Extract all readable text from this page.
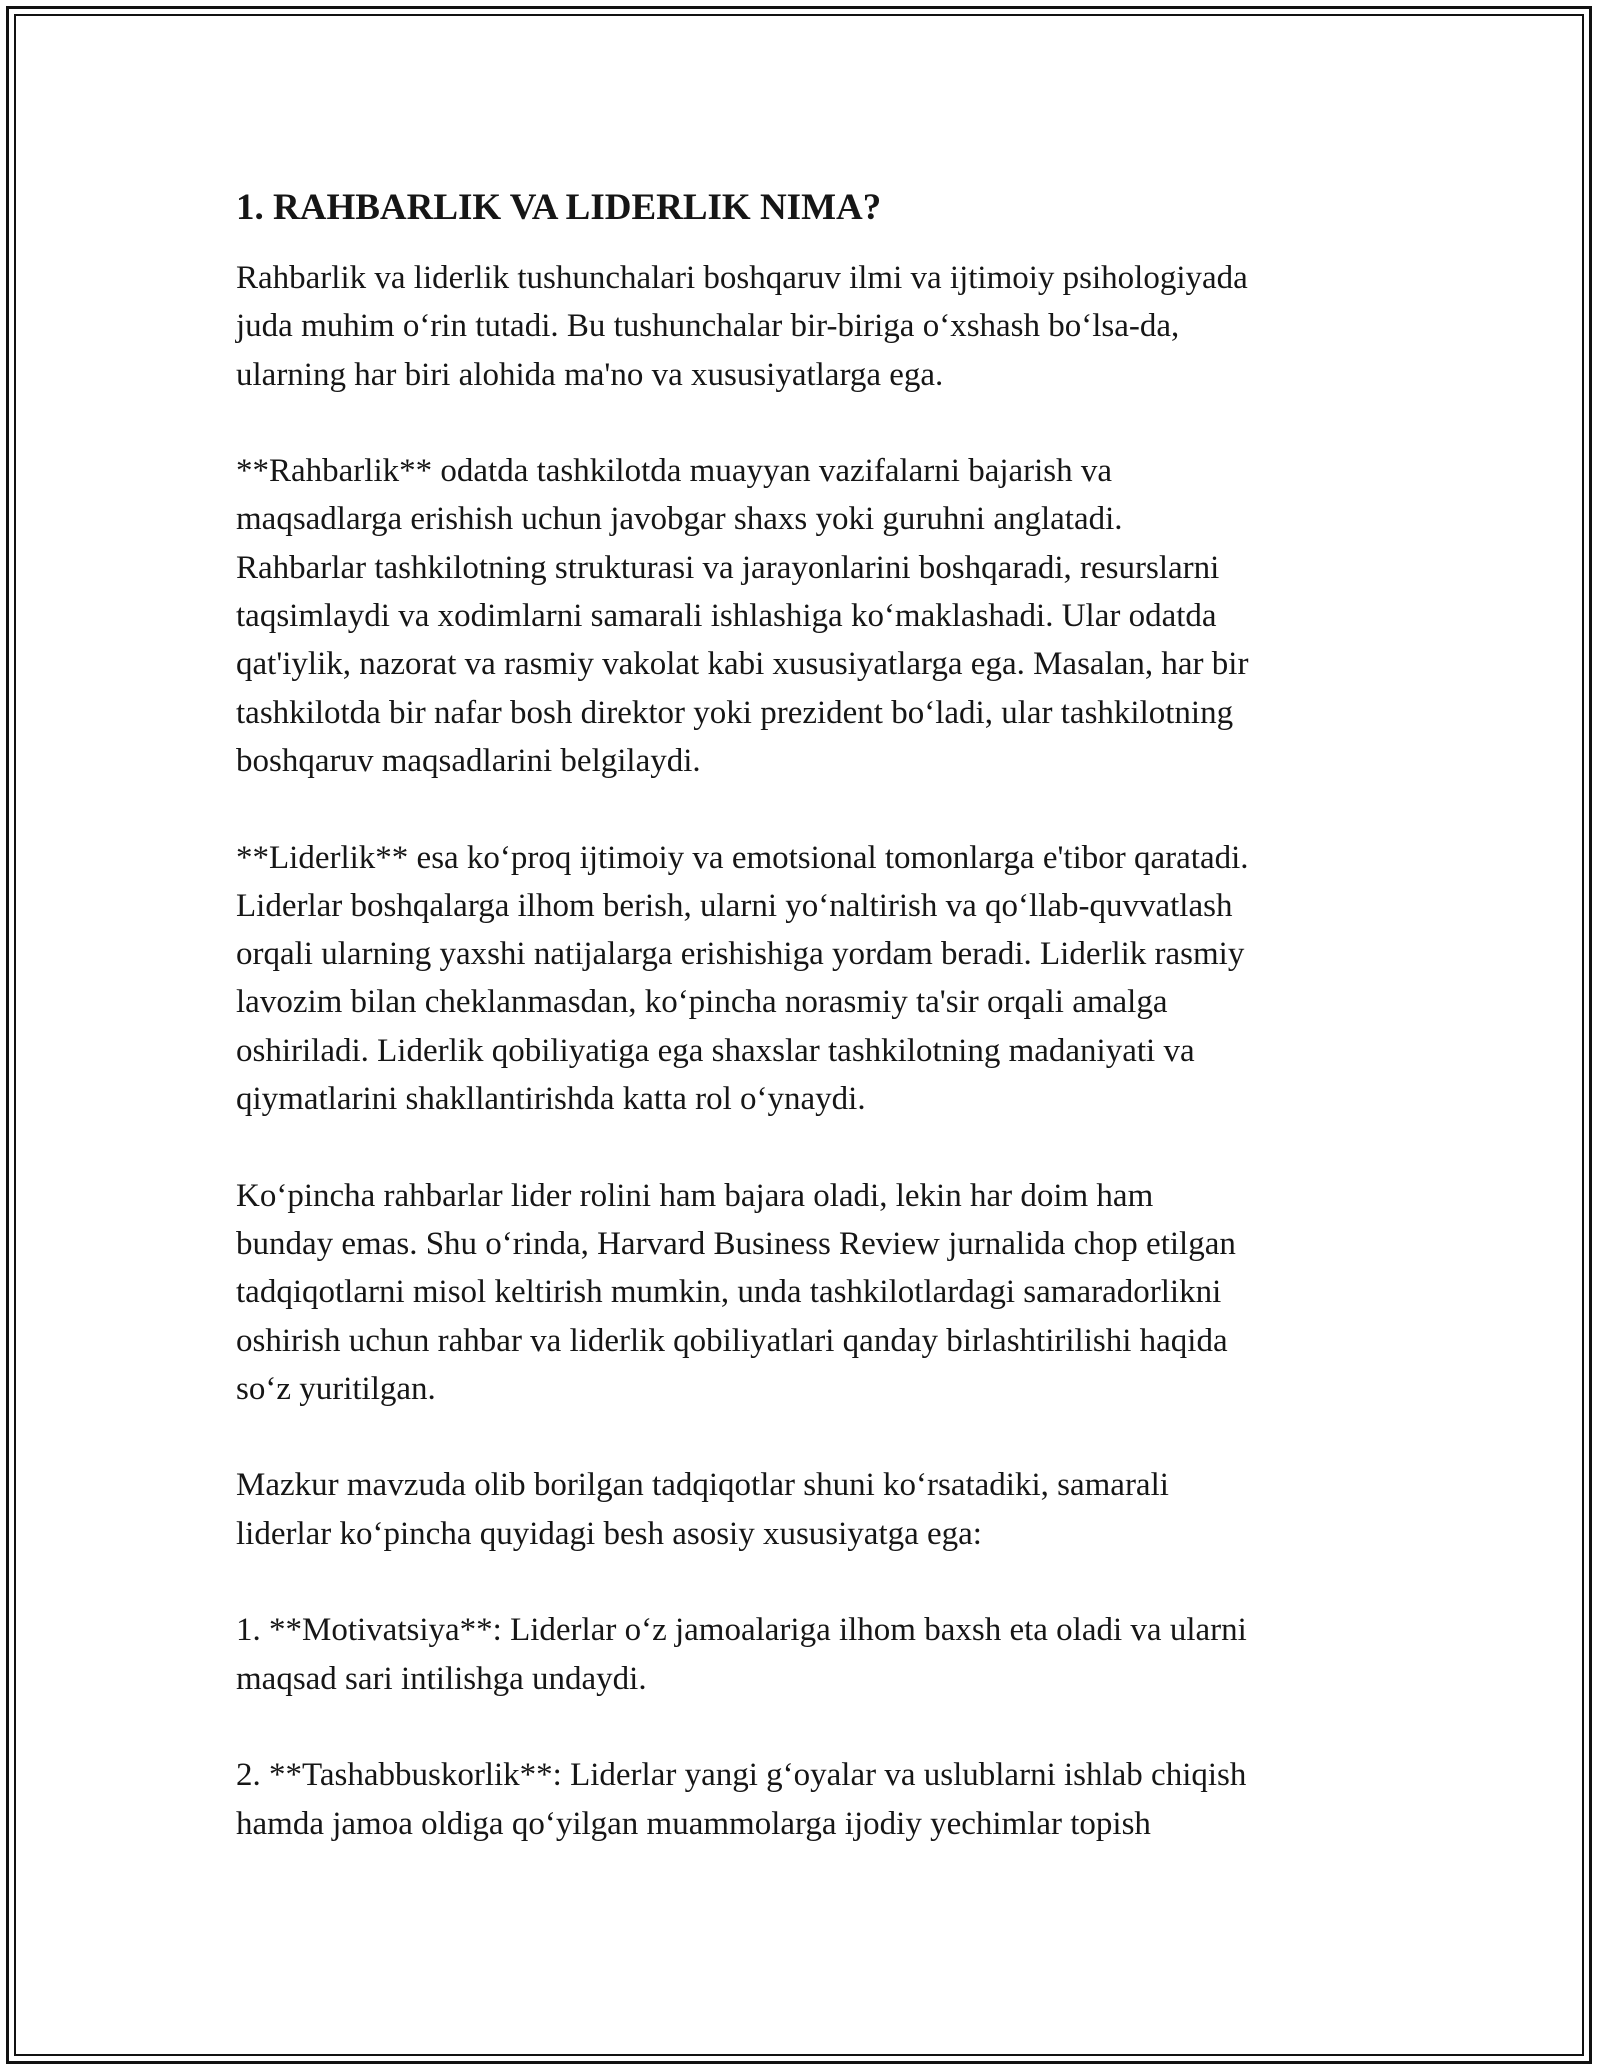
1. RAHBARLIK VA LIDERLIK NIMA?
Rahbarlik va liderlik tushunchalari boshqaruv ilmi va ijtimoiy psihologiyada
juda muhim o‘rin tutadi. Bu tushunchalar bir-biriga o‘xshash bo‘lsa-da,
ularning har biri alohida ma'no va xususiyatlarga ega.
**Rahbarlik** odatda tashkilotda muayyan vazifalarni bajarish va
maqsadlarga erishish uchun javobgar shaxs yoki guruhni anglatadi.
Rahbarlar tashkilotning strukturasi va jarayonlarini boshqaradi, resurslarni
taqsimlaydi va xodimlarni samarali ishlashiga ko‘maklashadi. Ular odatda
qat'iylik, nazorat va rasmiy vakolat kabi xususiyatlarga ega. Masalan, har bir
tashkilotda bir nafar bosh direktor yoki prezident bo‘ladi, ular tashkilotning
boshqaruv maqsadlarini belgilaydi.
**Liderlik** esa ko‘proq ijtimoiy va emotsional tomonlarga e'tibor qaratadi.
Liderlar boshqalarga ilhom berish, ularni yo‘naltirish va qo‘llab-quvvatlash
orqali ularning yaxshi natijalarga erishishiga yordam beradi. Liderlik rasmiy
lavozim bilan cheklanmasdan, ko‘pincha norasmiy ta'sir orqali amalga
oshiriladi. Liderlik qobiliyatiga ega shaxslar tashkilotning madaniyati va
qiymatlarini shakllantirishda katta rol o‘ynaydi.
Ko‘pincha rahbarlar lider rolini ham bajara oladi, lekin har doim ham
bunday emas. Shu o‘rinda, Harvard Business Review jurnalida chop etilgan
tadqiqotlarni misol keltirish mumkin, unda tashkilotlardagi samaradorlikni
oshirish uchun rahbar va liderlik qobiliyatlari qanday birlashtirilishi haqida
so‘z yuritilgan.
Mazkur mavzuda olib borilgan tadqiqotlar shuni ko‘rsatadiki, samarali
liderlar ko‘pincha quyidagi besh asosiy xususiyatga ega:
1. **Motivatsiya**: Liderlar o‘z jamoalariga ilhom baxsh eta oladi va ularni
maqsad sari intilishga undaydi.
2. **Tashabbuskorlik**: Liderlar yangi g‘oyalar va uslublarni ishlab chiqish
hamda jamoa oldiga qo‘yilgan muammolarga ijodiy yechimlar topish
